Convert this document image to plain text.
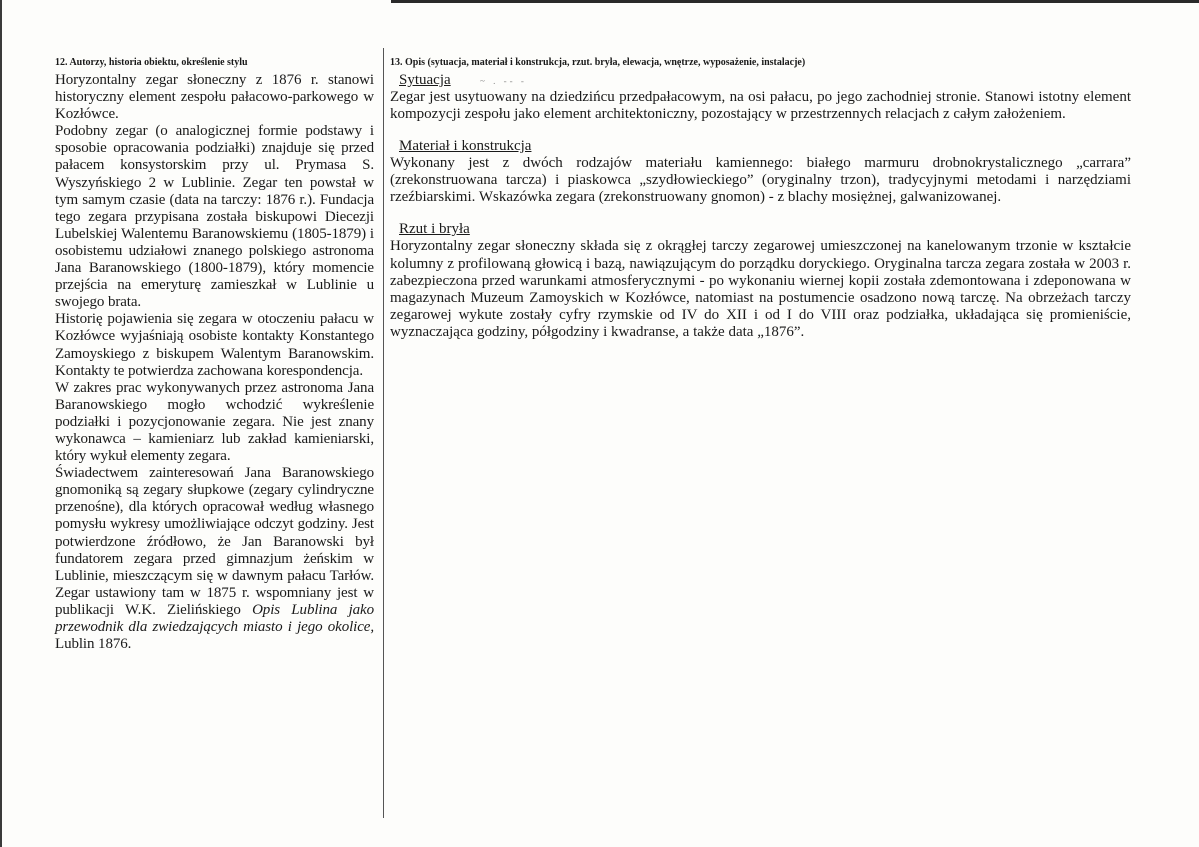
12. Autorzy, historia obiektu, określenie stylu

Horyzontalny zegar słoneczny z 1876 r. stanowi historyczny element zespołu pałacowo-parkowego w Kozłówce.

Podobny zegar (o analogicznej formie podstawy i sposobie opracowania podziałki) znajduje się przed pałacem konsystorskim przy ul. Prymasa S. Wyszyńskiego 2 w Lublinie. Zegar ten powstał w tym samym czasie (data na tarczy: 1876 r.). Fundacja tego zegara przypisana została biskupowi Diecezji Lubelskiej Walentemu Baranowskiemu (1805-1879) i osobistemu udziałowi znanego polskiego astronoma Jana Baranowskiego (1800-1879), który momencie przejścia na emeryturę zamieszkał w Lublinie u swojego brata.

Historię pojawienia się zegara w otoczeniu pałacu w Kozłówce wyjaśniają osobiste kontakty Konstantego Zamoyskiego z biskupem Walentym Baranowskim. Kontakty te potwierdza zachowana korespondencja.

W zakres prac wykonywanych przez astronoma Jana Baranowskiego mogło wchodzić wykreślenie podziałki i pozycjonowanie zegara. Nie jest znany wykonawca – kamieniarz lub zakład kamieniarski, który wykuł elementy zegara.

Świadectwem zainteresowań Jana Baranowskiego gnomoniką są zegary słupkowe (zegary cylindryczne przenośne), dla których opracował według własnego pomysłu wykresy umożliwiające odczyt godziny. Jest potwierdzone źródłowo, że Jan Baranowski był fundatorem zegara przed gimnazjum żeńskim w Lublinie, mieszczącym się w dawnym pałacu Tarłów. Zegar ustawiony tam w 1875 r. wspomniany jest w publikacji W.K. Zielińskiego Opis Lublina jako przewodnik dla zwiedzających miasto i jego okolice, Lublin 1876.

~ . -- -

13. Opis (sytuacja, materiał i konstrukcja, rzut. bryła, elewacja, wnętrze, wyposażenie, instalacje)

Sytuacja

Zegar jest usytuowany na dziedzińcu przedpałacowym, na osi pałacu, po jego zachodniej stronie. Stanowi istotny element kompozycji zespołu jako element architektoniczny, pozostający w przestrzennych relacjach z całym założeniem.

Materiał i konstrukcja

Wykonany jest z dwóch rodzajów materiału kamiennego: białego marmuru drobnokrystalicznego „carrara” (zrekonstruowana tarcza) i piaskowca „szydłowieckiego” (oryginalny trzon), tradycyjnymi metodami i narzędziami rzeźbiarskimi. Wskazówka zegara (zrekonstruowany gnomon) - z blachy mosiężnej, galwanizowanej.

Rzut i bryła

Horyzontalny zegar słoneczny składa się z okrągłej tarczy zegarowej umieszczonej na kanelowanym trzonie w kształcie kolumny z profilowaną głowicą i bazą, nawiązującym do porządku doryckiego. Oryginalna tarcza zegara została w 2003 r. zabezpieczona przed warunkami atmosferycznymi - po wykonaniu wiernej kopii została zdemontowana i zdeponowana w magazynach Muzeum Zamoyskich w Kozłówce, natomiast na postumencie osadzono nową tarczę. Na obrzeżach tarczy zegarowej wykute zostały cyfry rzymskie od IV do XII i od I do VIII oraz podziałka, układająca się promieniście, wyznaczająca godziny, półgodziny i kwadranse, a także data „1876”.
